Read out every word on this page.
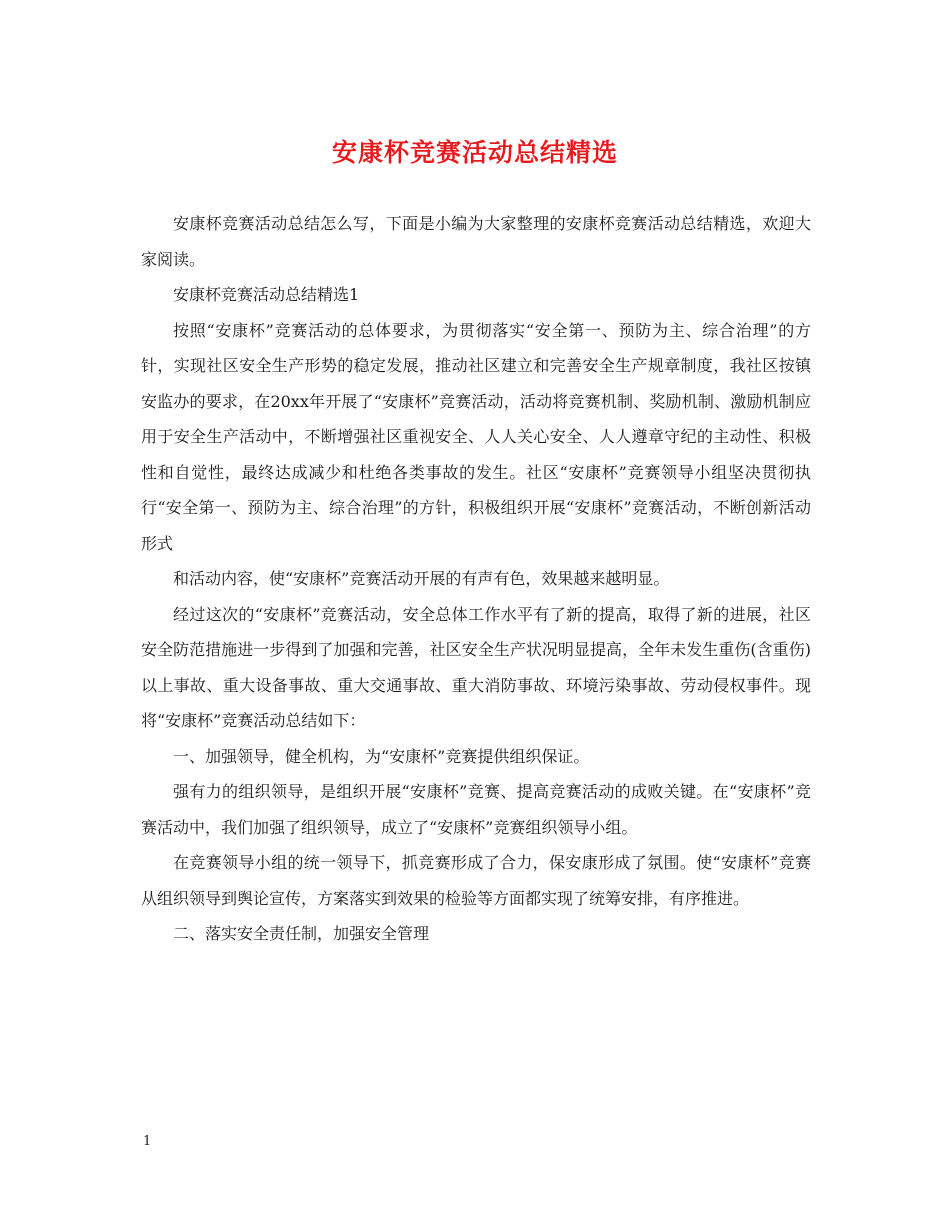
安康杯竞赛活动总结精选

安康杯竞赛活动总结怎么写，下面是小编为大家整理的安康杯竞赛活动总结精选，欢迎大家阅读。

安康杯竞赛活动总结精选1

按照“安康杯”竞赛活动的总体要求，为贯彻落实“安全第一、预防为主、综合治理”的方针，实现社区安全生产形势的稳定发展，推动社区建立和完善安全生产规章制度，我社区按镇安监办的要求，在20xx年开展了“安康杯”竞赛活动，活动将竞赛机制、奖励机制、激励机制应用于安全生产活动中，不断增强社区重视安全、人人关心安全、人人遵章守纪的主动性、积极性和自觉性，最终达成减少和杜绝各类事故的发生。社区“安康杯”竞赛领导小组坚决贯彻执行“安全第一、预防为主、综合治理”的方针，积极组织开展“安康杯”竞赛活动，不断创新活动形式

和活动内容，使“安康杯”竞赛活动开展的有声有色，效果越来越明显。

经过这次的“安康杯”竞赛活动，安全总体工作水平有了新的提高，取得了新的进展，社区安全防范措施进一步得到了加强和完善，社区安全生产状况明显提高，全年未发生重伤(含重伤)以上事故、重大设备事故、重大交通事故、重大消防事故、环境污染事故、劳动侵权事件。现将“安康杯”竞赛活动总结如下：

一、加强领导，健全机构，为“安康杯”竞赛提供组织保证。

强有力的组织领导，是组织开展“安康杯”竞赛、提高竞赛活动的成败关键。在“安康杯”竞赛活动中，我们加强了组织领导，成立了“安康杯”竞赛组织领导小组。

在竞赛领导小组的统一领导下，抓竞赛形成了合力，保安康形成了氛围。使“安康杯”竞赛从组织领导到舆论宣传，方案落实到效果的检验等方面都实现了统筹安排，有序推进。

二、落实安全责任制，加强安全管理

1
